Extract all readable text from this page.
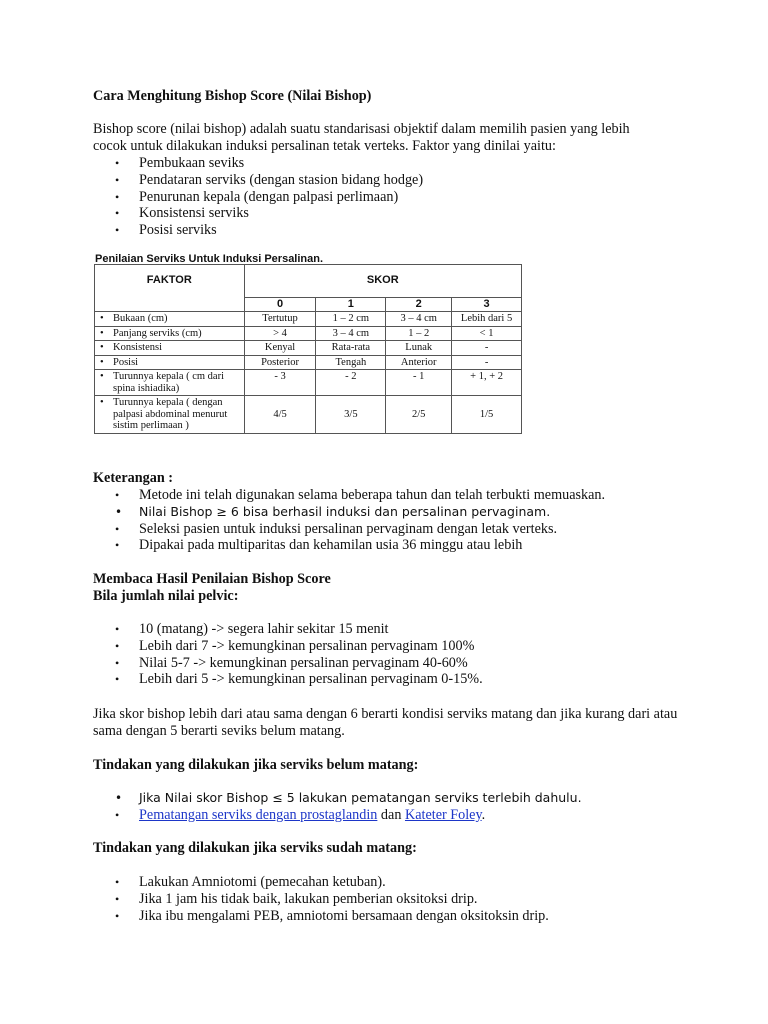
Cara Menghitung Bishop Score (Nilai Bishop)
Bishop score (nilai bishop) adalah suatu standarisasi objektif dalam memilih pasien yang lebih cocok untuk dilakukan induksi persalinan tetak verteks. Faktor yang dinilai yaitu:
• Pembukaan seviks
• Pendataran serviks (dengan stasion bidang hodge)
• Penurunan kepala (dengan palpasi perlimaan)
• Konsistensi serviks
• Posisi serviks
Penilaian Serviks Untuk Induksi Persalinan.
FAKTOR	SKOR			
	0	1	2	3

• Bukaan (cm)	Tertutup	1 – 2 cm	3 – 4 cm	Lebih dari 5

• Panjang serviks (cm)	> 4	3 – 4 cm	1 – 2	< 1

• Konsistensi	Kenyal	Rata-rata	Lunak	-

• Posisi	Posterior	Tengah	Anterior	-

• Turunnya kepala ( cm dari spina ishiadika)	- 3	- 2	- 1	+ 1, + 2

• Turunnya kepala ( dengan palpasi abdominal menurut sistim perlimaan )	4/5	3/5	2/5	1/5
Keterangan :
• Metode ini telah digunakan selama beberapa tahun dan telah terbukti memuaskan.
• Nilai Bishop ≥ 6 bisa berhasil induksi dan persalinan pervaginam.
• Seleksi pasien untuk induksi persalinan pervaginam dengan letak verteks.
• Dipakai pada multiparitas dan kehamilan usia 36 minggu atau lebih
Membaca Hasil Penilaian Bishop Score
Bila jumlah nilai pelvic:
• 10 (matang) -> segera lahir sekitar 15 menit
• Lebih dari 7 -> kemungkinan persalinan pervaginam 100%
• Nilai 5-7 -> kemungkinan persalinan pervaginam 40-60%
• Lebih dari 5 -> kemungkinan persalinan pervaginam 0-15%.
Jika skor bishop lebih dari atau sama dengan 6 berarti kondisi serviks matang dan jika kurang dari atau sama dengan 5 berarti seviks belum matang.
Tindakan yang dilakukan jika serviks belum matang:
• Jika Nilai skor Bishop ≤ 5 lakukan pematangan serviks terlebih dahulu.
• Pematangan serviks dengan prostaglandin dan Kateter Foley.
Tindakan yang dilakukan jika serviks sudah matang:
• Lakukan Amniotomi (pemecahan ketuban).
• Jika 1 jam his tidak baik, lakukan pemberian oksitoksi drip.
• Jika ibu mengalami PEB, amniotomi bersamaan dengan oksitoksin drip.
